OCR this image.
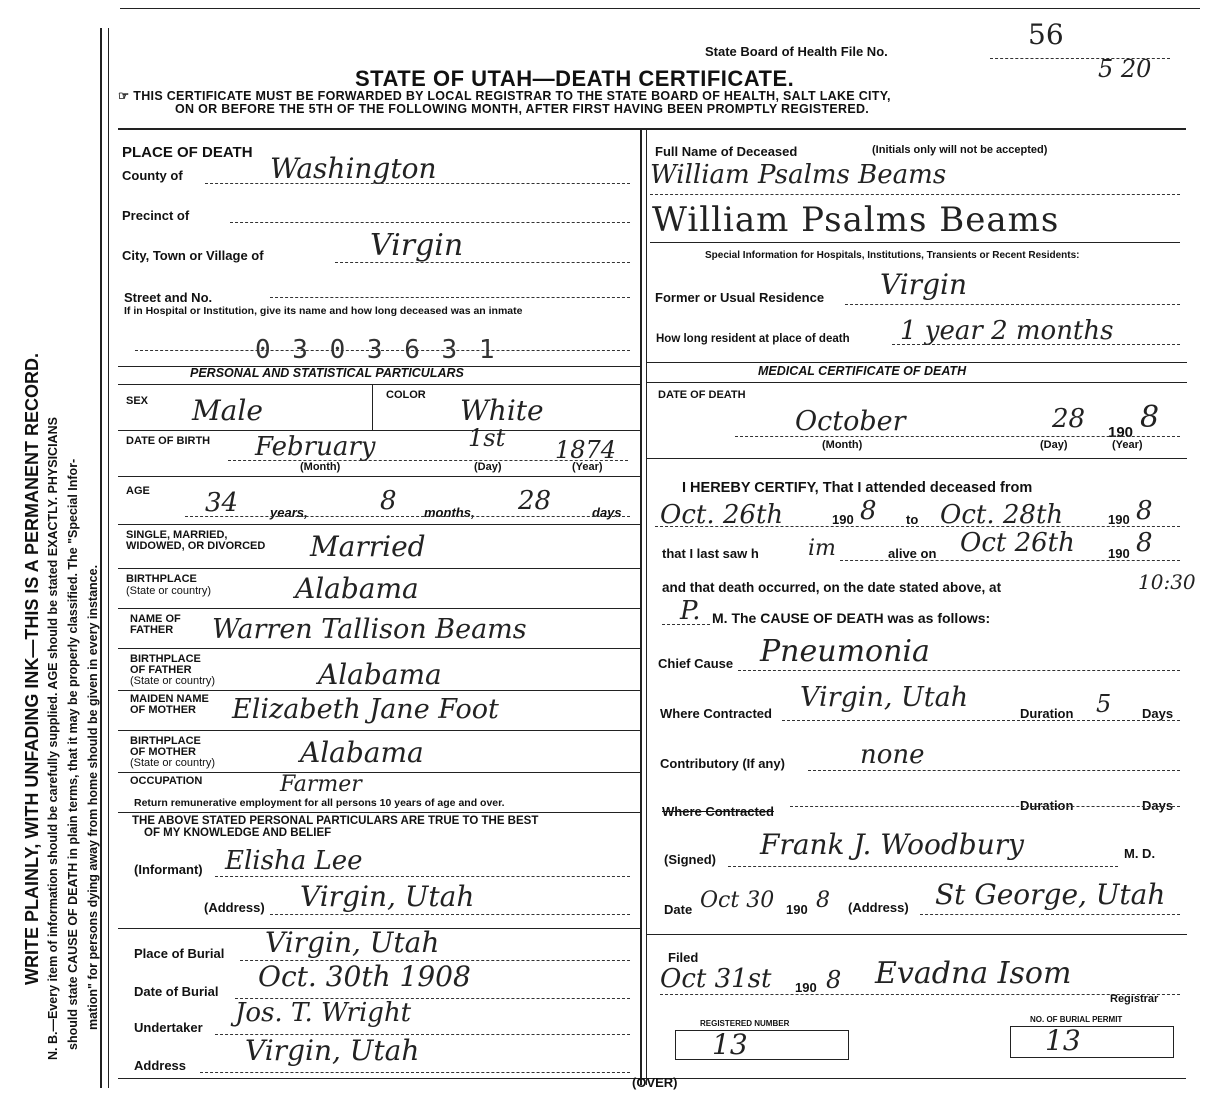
WRITE PLAINLY, WITH UNFADING INK—THIS IS A PERMANENT RECORD. N. B.—Every item of information should be carefully supplied. AGE should be stated EXACTLY. PHYSICIANS should state CAUSE OF DEATH in plain terms, that it may be properly classified. The "Special Infor- mation" for persons dying away from home should be given in every instance.
State Board of Health File No.
56
5 20
STATE OF UTAH—DEATH CERTIFICATE.
☞ THIS CERTIFICATE MUST BE FORWARDED BY LOCAL REGISTRAR TO THE STATE BOARD OF HEALTH, SALT LAKE CITY,
ON OR BEFORE THE 5TH OF THE FOLLOWING MONTH, AFTER FIRST HAVING BEEN PROMPTLY REGISTERED.
PLACE OF DEATH
County of	Washington
Precinct of
City, Town or Village of	Virgin
Street and No.
If in Hospital or Institution, give its name and how long deceased was an inmate
0 3 0 3 6 3 1
PERSONAL AND STATISTICAL PARTICULARS
SEX Male	COLOR White
DATE OF BIRTH February	1st 1874
(Month)	(Day)	(Year)
AGE 34 years,	8 months, 28	days
SINGLE, MARRIED,
WIDOWED, OR DIVORCED Married
BIRTHPLACE
(State or country)	Alabama
NAME OF
FATHER Warren Tallison Beams
BIRTHPLACE
OF FATHER
(State or country)	Alabama
MAIDEN NAME
OF MOTHER Elizabeth Jane Foot
BIRTHPLACE
OF MOTHER
(State or country)	Alabama
OCCUPATION	Farmer
Return remunerative employment for all persons 10 years of age and over.
THE ABOVE STATED PERSONAL PARTICULARS ARE TRUE TO THE BEST
OF MY KNOWLEDGE AND BELIEF
(Informant) Elisha Lee
(Address) Virgin, Utah
Place of Burial Virgin, Utah
Date of Burial Oct. 30th 1908
Undertaker Jos. T. Wright
Address Virgin, Utah
Full Name of Deceased	(Initials only will not be accepted)
William Psalms Beams
William Psalms Beams
Special Information for Hospitals, Institutions, Transients or Recent Residents:
Former or Usual Residence Virgin
How long resident at place of death 1 year 2 months
MEDICAL CERTIFICATE OF DEATH
DATE OF DEATH
October	28 190 8
(Month)	(Day)	(Year)
I HEREBY CERTIFY, That I attended deceased from
Oct. 26th	190 8 to Oct. 28th	190 8
that I last saw h im	alive on Oct 26th	190 8
and that death occurred, on the date stated above, at	10:30
P. M. The CAUSE OF DEATH was as follows:
Chief Cause Pneumonia
Where Contracted
Virgin, Utah
Duration 5 Days
Contributory (If any)	none
Where Contracted	Duration	Days
(Signed) Frank J. Woodbury	M. D.
Date Oct 30 190 8 (Address) St George, Utah
Filed
Oct 31st 190 8 Evadna Isom
Registrar
REGISTERED NUMBER
13
NO. OF BURIAL PERMIT
13
(OVER)
